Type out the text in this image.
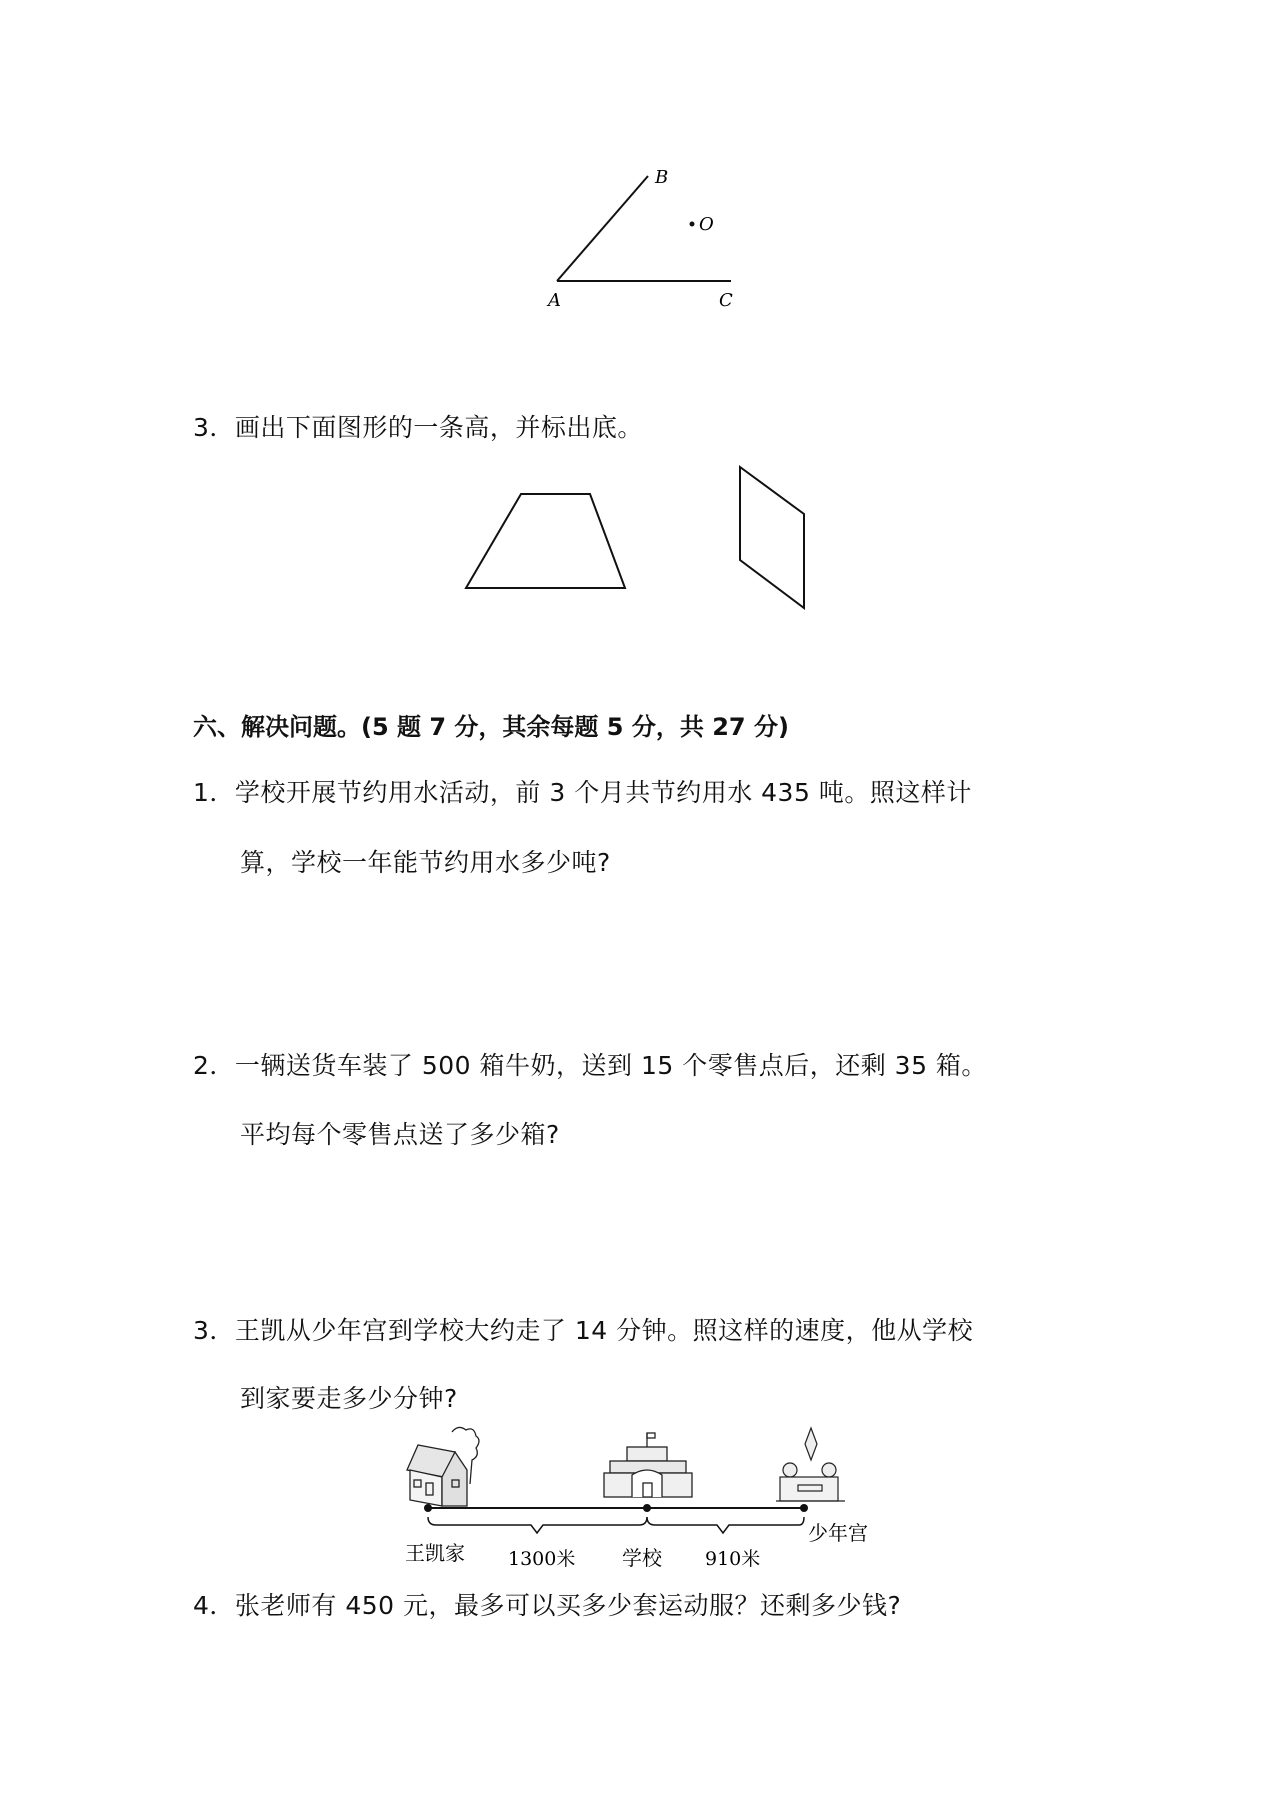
B
O
A	C
3．画出下面图形的一条高，并标出底。
六、解决问题。(5 题 7 分，其余每题 5 分，共 27 分)
1．学校开展节约用水活动，前 3 个月共节约用水 435 吨。照这样计
算，学校一年能节约用水多少吨?
2．一辆送货车装了 500 箱牛奶，送到 15 个零售点后，还剩 35 箱。
平均每个零售点送了多少箱?
3．王凯从少年宫到学校大约走了 14 分钟。照这样的速度，他从学校
到家要走多少分钟?
王凯家 1300米 学校 910米
少年宫
4．张老师有 450 元，最多可以买多少套运动服？还剩多少钱?
